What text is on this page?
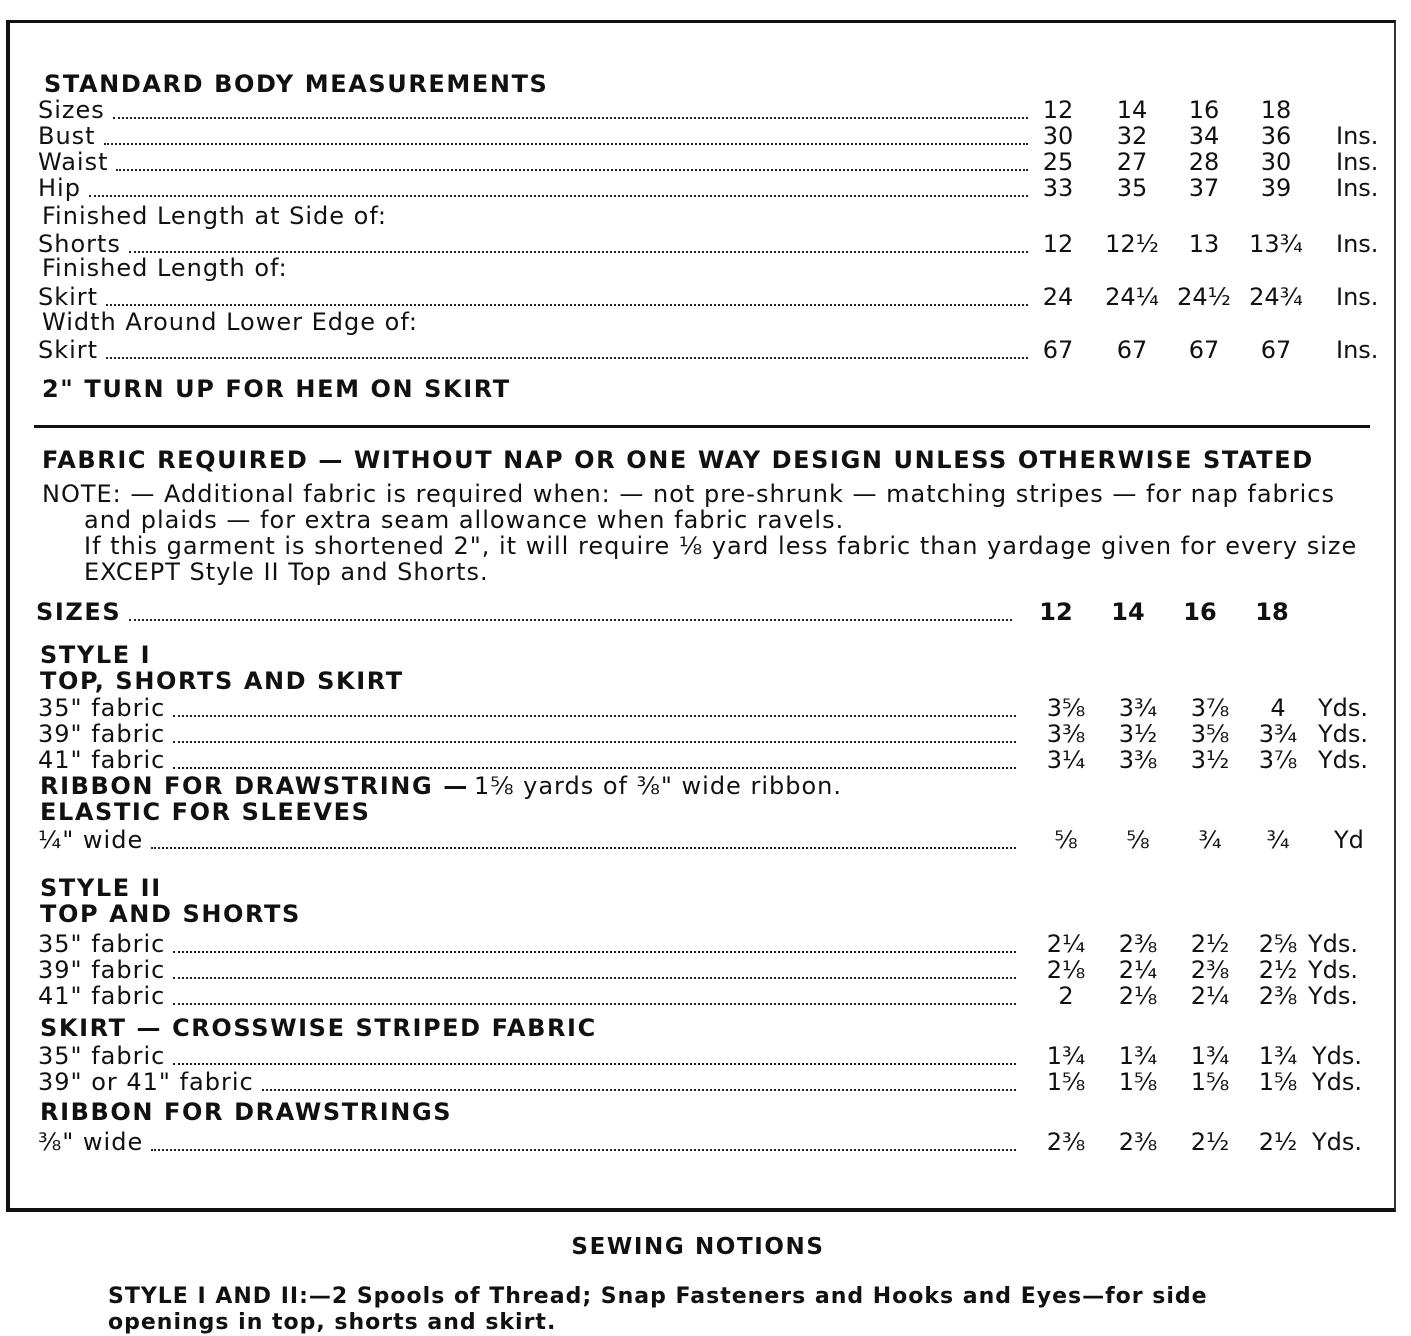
STANDARD BODY MEASUREMENTS
Finished Length at Side of:
Finished Length of:
Width Around Lower Edge of:
Sizes	12	14	16	18
Bust	30	32	34	36	Ins.
Waist	25	27	28	30	Ins.
Hip	33	35	37	39	Ins.
Shorts	12	12½	13	13¾ Ins.
Skirt	24	24¼ 24½ 24¾ Ins.
Skirt	67	67	67	67	Ins.
2" TURN UP FOR HEM ON SKIRT
FABRIC REQUIRED — WITHOUT NAP OR ONE WAY DESIGN UNLESS OTHERWISE STATED
NOTE: — Additional fabric is required when: — not pre-shrunk — matching stripes — for nap fabrics
and plaids — for extra seam allowance when fabric ravels.
If this garment is shortened 2", it will require ⅛ yard less fabric than yardage given for every size
EXCEPT Style II Top and Shorts.
SIZES	12	14	16	18
35" fabric	3⅝	3¾	3⅞	4	Yds.
39" fabric	3⅜	3½	3⅝	3¾ Yds.
41" fabric	3¼	3⅜	3½	3⅞ Yds.
¼" wide	⅝	⅝	¾	¾	Yd
35" fabric	2¼	2⅜	2½	2⅝ Yds.
39" fabric	2⅛	2¼	2⅜	2½ Yds.
41" fabric	2	2⅛	2¼	2⅜ Yds.
35" fabric	1¾	1¾	1¾	1¾ Yds.
39" or 41" fabric	1⅝	1⅝	1⅝	1⅝ Yds.
⅜" wide	2⅜	2⅜	2½	2½ Yds.
STYLE I
TOP, SHORTS AND SKIRT
RIBBON FOR DRAWSTRING — 1⅝ yards of ⅜" wide ribbon.
ELASTIC FOR SLEEVES
STYLE II
TOP AND SHORTS
SKIRT — CROSSWISE STRIPED FABRIC
RIBBON FOR DRAWSTRINGS
SEWING NOTIONS
STYLE I AND II:—2 Spools of Thread; Snap Fasteners and Hooks and Eyes—for side openings in top, shorts and skirt.
